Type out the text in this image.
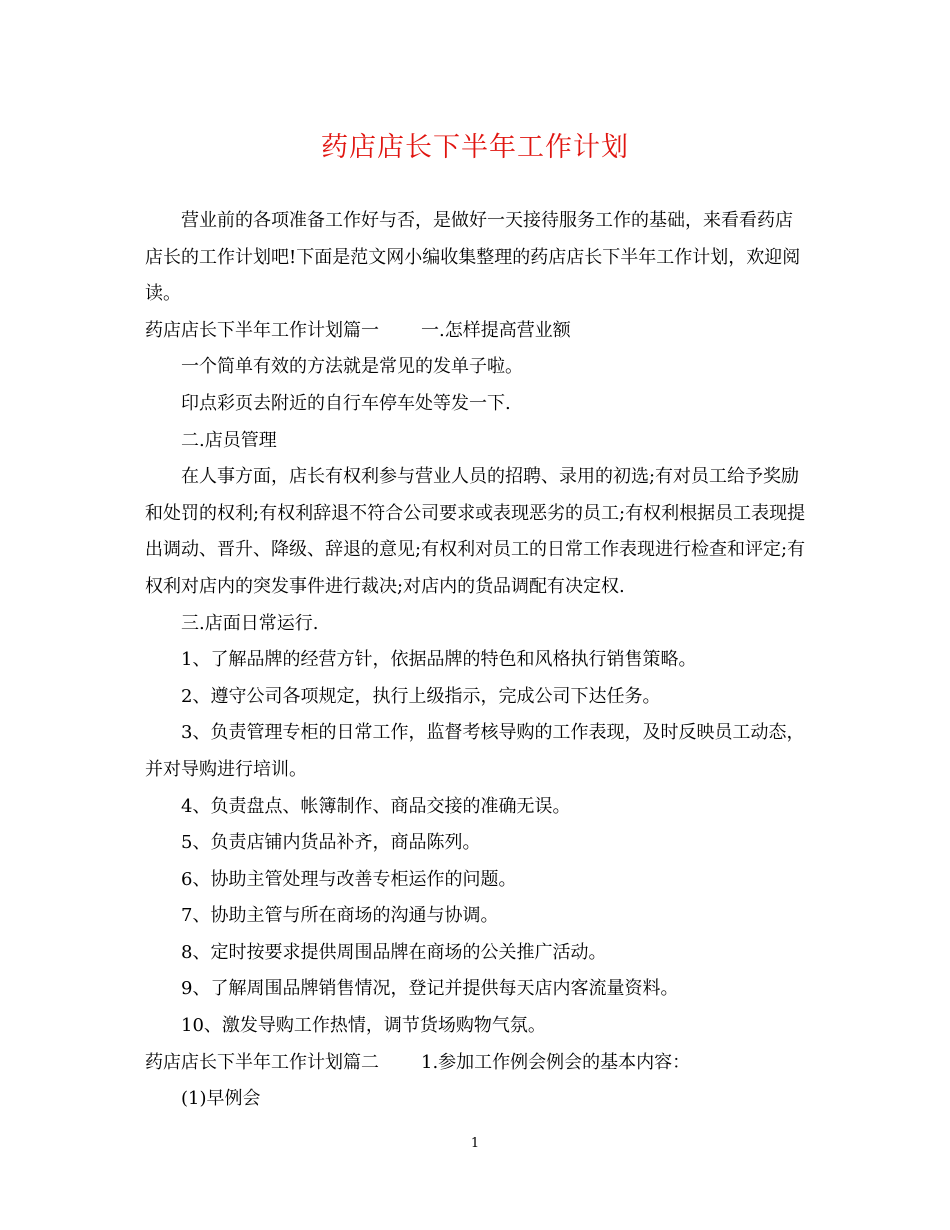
药店店长下半年工作计划

营业前的各项准备工作好与否，是做好一天接待服务工作的基础，来看看药店店长的工作计划吧!下面是范文网小编收集整理的药店店长下半年工作计划，欢迎阅读。

药店店长下半年工作计划篇一 一.怎样提高营业额

一个简单有效的方法就是常见的发单子啦。

印点彩页去附近的自行车停车处等发一下.

二.店员管理

在人事方面，店长有权利参与营业人员的招聘、录用的初选;有对员工给予奖励和处罚的权利;有权利辞退不符合公司要求或表现恶劣的员工;有权利根据员工表现提出调动、晋升、降级、辞退的意见;有权利对员工的日常工作表现进行检查和评定;有权利对店内的突发事件进行裁决;对店内的货品调配有决定权.

三.店面日常运行.

1、了解品牌的经营方针，依据品牌的特色和风格执行销售策略。

2、遵守公司各项规定，执行上级指示，完成公司下达任务。

3、负责管理专柜的日常工作，监督考核导购的工作表现，及时反映员工动态，并对导购进行培训。

4、负责盘点、帐簿制作、商品交接的准确无误。

5、负责店铺内货品补齐，商品陈列。

6、协助主管处理与改善专柜运作的问题。

7、协助主管与所在商场的沟通与协调。

8、定时按要求提供周围品牌在商场的公关推广活动。

9、了解周围品牌销售情况，登记并提供每天店内客流量资料。

10、激发导购工作热情，调节货场购物气氛。

药店店长下半年工作计划篇二 1.参加工作例会例会的基本内容：

(1)早例会

1
